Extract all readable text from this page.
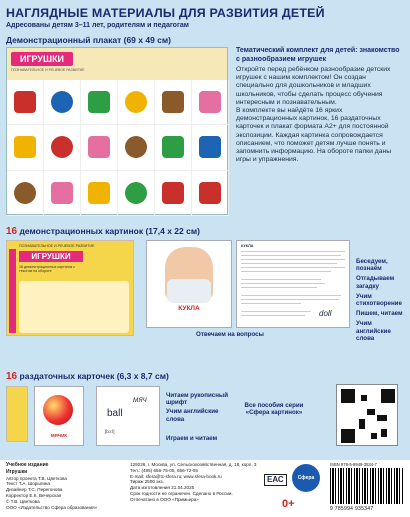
НАГЛЯДНЫЕ МАТЕРИАЛЫ ДЛЯ РАЗВИТИЯ ДЕТЕЙ
Адресованы детям 3–11 лет, родителям и педагогам
Демонстрационный плакат (69 х 49 см)
ИГРУШКИ
ПОЗНАВАТЕЛЬНОЕ И РЕЧЕВОЕ РАЗВИТИЕ
Тематический комплект для детей: знакомство с разнообразием игрушек

Откройте перед ребёнком разнообразие детских игрушек с нашим комплектом! Он создан специально для дошкольников и младших школьников, чтобы сделать процесс обучения интересным и познавательным.

В комплекте вы найдёте 16 ярких демонстрационных картинок, 16 раздаточных карточек и плакат формата А2+ для постоянной экспозиции. Каждая картинка сопровождается описанием, что поможет детям лучше понять и запомнить информацию. На обороте папки даны игры и упражнения.

16 демонстрационных картинок (17,4 х 22 см)
ПОЗНАВАТЕЛЬНОЕ И РЕЧЕВОЕ РАЗВИТИЕ
ИГРУШКИ
16 демонстрационных картинок с текстом на обороте
КУКЛА
КУКЛА
doll
Беседуем, познаём
Отгадываем загадку
Учим стихотворение
Пишем, читаем
Учим английские слова
Отвечаем на вопросы
16 раздаточных карточек (6,3 х 8,7 см)
МЯЧИК
мяч
ball
[bɔːl]
Читаем рукописный шрифт
Учим английские слова
Играем и читаем
Все пособия серии «Сфера картинок»
Учебное издание
Игрушки
Автор проекта Т.В. Цветкова
Текст Т.А. Шорыгина
Дизайнер Т.С. Перегонова
Корректор Е.К. Вечерская
© Т.В. Цветкова
ООО «Издательство Сфера образования»
129226, г. Москва, ул. Сельскохозяйственная, д. 18, корп. 3
Тел.: (495) 656-75-05, 656-72-05
E-mail: sfera@tc-sfera.ru; www.sfera-book.ru
Тираж 2500 экз.
Дата изготовления 21.04.2025
Срок годности не ограничен. Сделано в России.
Отпечатано в ООО «Примьера»
ЕАС	Сфера
0+
ISBN 978-5-9949-3534-7
9 785994 935347
